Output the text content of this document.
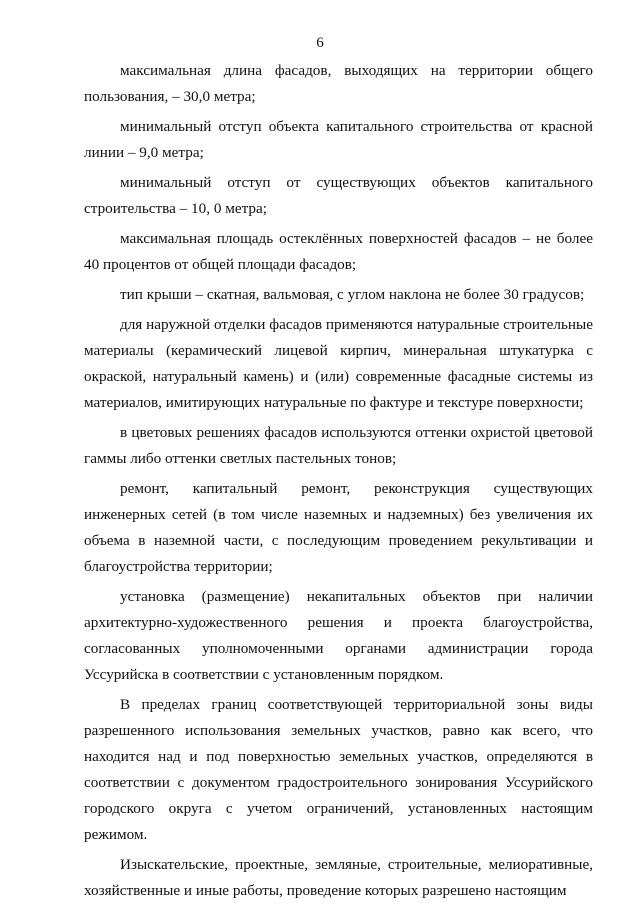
6

максимальная длина фасадов, выходящих на территории общего пользования, – 30,0 метра;

минимальный отступ объекта капитального строительства от красной линии – 9,0 метра;

минимальный отступ от существующих объектов капитального строительства – 10, 0 метра;

максимальная площадь остеклённых поверхностей фасадов – не более 40 процентов от общей площади фасадов;

тип крыши – скатная, вальмовая, с углом наклона не более 30 градусов;

для наружной отделки фасадов применяются натуральные строительные материалы (керамический лицевой кирпич, минеральная штукатурка с окраской, натуральный камень) и (или) современные фасадные системы из материалов, имитирующих натуральные по фактуре и текстуре поверхности;

в цветовых решениях фасадов используются оттенки охристой цветовой гаммы либо оттенки светлых пастельных тонов;

ремонт, капитальный ремонт, реконструкция существующих инженерных сетей (в том числе наземных и надземных) без увеличения их объема в наземной части, с последующим проведением рекультивации и благоустройства территории;

установка (размещение) некапитальных объектов при наличии архитектурно-художественного решения и проекта благоустройства, согласованных уполномоченными органами администрации города Уссурийска в соответствии с установленным порядком.

В пределах границ соответствующей территориальной зоны виды разрешенного использования земельных участков, равно как всего, что находится над и под поверхностью земельных участков, определяются в соответствии с документом градостроительного зонирования Уссурийского городского округа с учетом ограничений, установленных настоящим режимом.

Изыскательские, проектные, земляные, строительные, мелиоративные, хозяйственные и иные работы, проведение которых разрешено настоящим
